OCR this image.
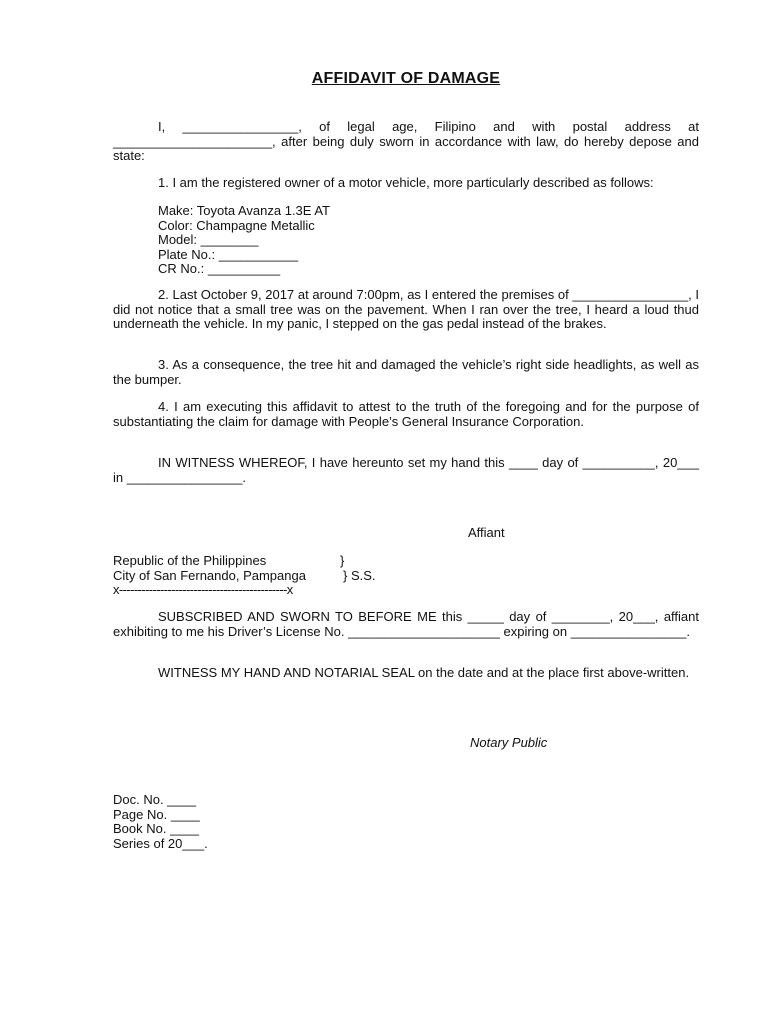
AFFIDAVIT OF DAMAGE

I, ________________, of legal age, Filipino and with postal address at ______________________, after being duly sworn in accordance with law, do hereby depose and state:

1. I am the registered owner of a motor vehicle, more particularly described as follows:

Make: Toyota Avanza 1.3E AT
Color: Champagne Metallic
Model: ________
Plate No.: ___________
CR No.: __________

2. Last October 9, 2017 at around 7:00pm, as I entered the premises of ________________, I did not notice that a small tree was on the pavement. When I ran over the tree, I heard a loud thud underneath the vehicle. In my panic, I stepped on the gas pedal instead of the brakes.

3. As a consequence, the tree hit and damaged the vehicle’s right side headlights, as well as the bumper.

4. I am executing this affidavit to attest to the truth of the foregoing and for the purpose of substantiating the claim for damage with People’s General Insurance Corporation.

IN WITNESS WHEREOF, I have hereunto set my hand this ____ day of __________, 20___ in ________________.

Affiant
Republic of the Philippines	}
City of San Fernando, Pampanga	} S.S.
x---------------------------------------------x

SUBSCRIBED AND SWORN TO BEFORE ME this _____ day of ________, 20___, affiant exhibiting to me his Driver’s License No. _____________________ expiring on ________________.

WITNESS MY HAND AND NOTARIAL SEAL on the date and at the place first above-written.

Notary Public
Doc. No. ____
Page No. ____
Book No. ____
Series of 20___.
